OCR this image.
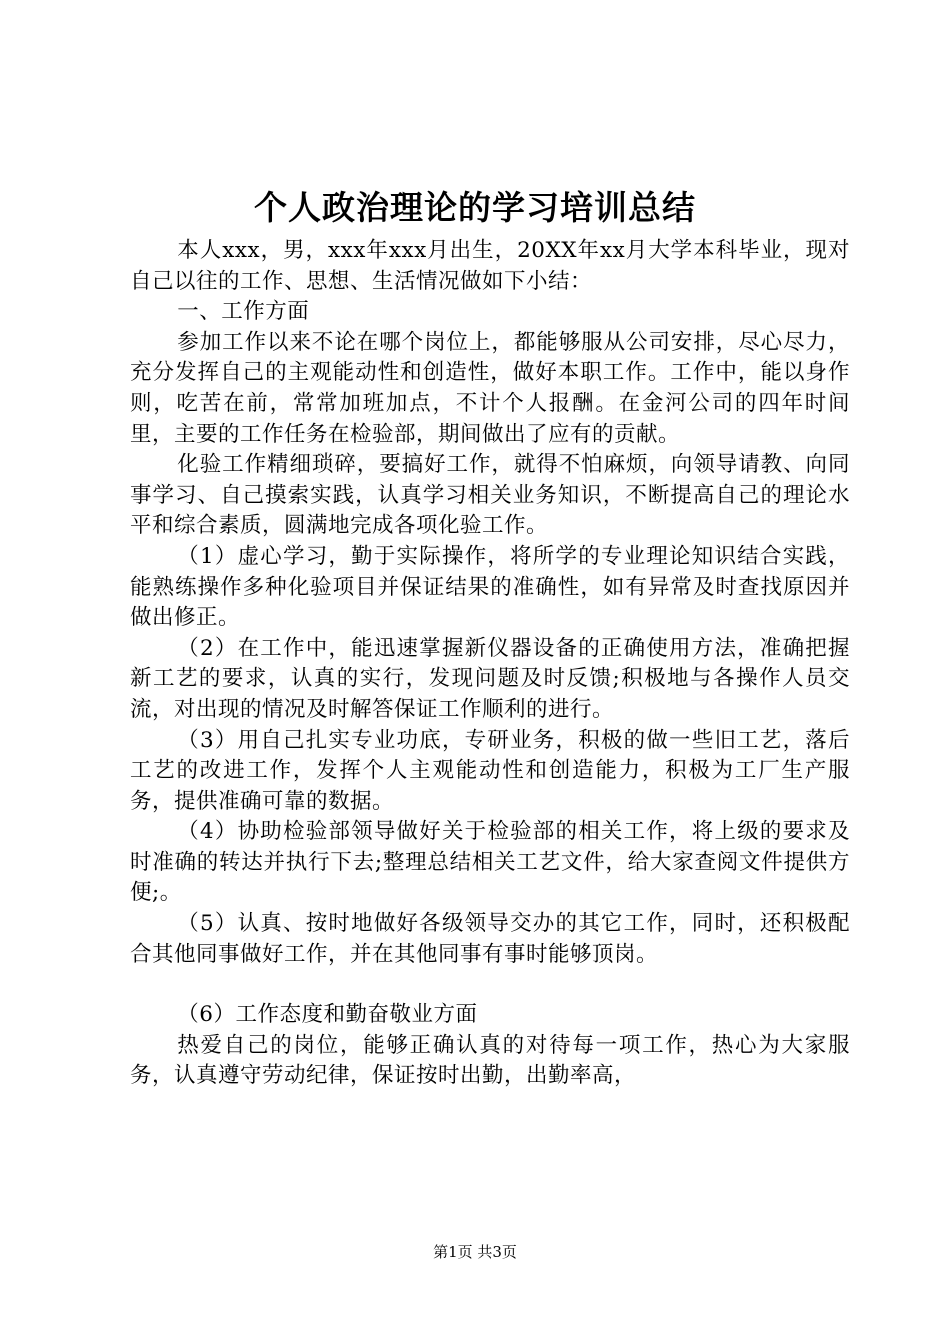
个人政治理论的学习培训总结

本人xxx，男，xxx年xxx月出生，20XX年xx月大学本科毕业，现对自己以往的工作、思想、生活情况做如下小结：

一、工作方面

参加工作以来不论在哪个岗位上，都能够服从公司安排，尽心尽力，充分发挥自己的主观能动性和创造性，做好本职工作。工作中，能以身作则，吃苦在前，常常加班加点，不计个人报酬。在金河公司的四年时间里，主要的工作任务在检验部，期间做出了应有的贡献。

化验工作精细琐碎，要搞好工作，就得不怕麻烦，向领导请教、向同事学习、自己摸索实践，认真学习相关业务知识，不断提高自己的理论水平和综合素质，圆满地完成各项化验工作。

（1）虚心学习，勤于实际操作，将所学的专业理论知识结合实践，能熟练操作多种化验项目并保证结果的准确性，如有异常及时查找原因并做出修正。

（2）在工作中，能迅速掌握新仪器设备的正确使用方法，准确把握新工艺的要求，认真的实行，发现问题及时反馈;积极地与各操作人员交流，对出现的情况及时解答保证工作顺利的进行。

（3）用自己扎实专业功底，专研业务，积极的做一些旧工艺，落后工艺的改进工作，发挥个人主观能动性和创造能力，积极为工厂生产服务，提供准确可靠的数据。

（4）协助检验部领导做好关于检验部的相关工作，将上级的要求及时准确的转达并执行下去;整理总结相关工艺文件，给大家查阅文件提供方便;。

（5）认真、按时地做好各级领导交办的其它工作，同时，还积极配合其他同事做好工作，并在其他同事有事时能够顶岗。

（6）工作态度和勤奋敬业方面

热爱自己的岗位，能够正确认真的对待每一项工作，热心为大家服务，认真遵守劳动纪律，保证按时出勤，出勤率高，

第1页 共3页
